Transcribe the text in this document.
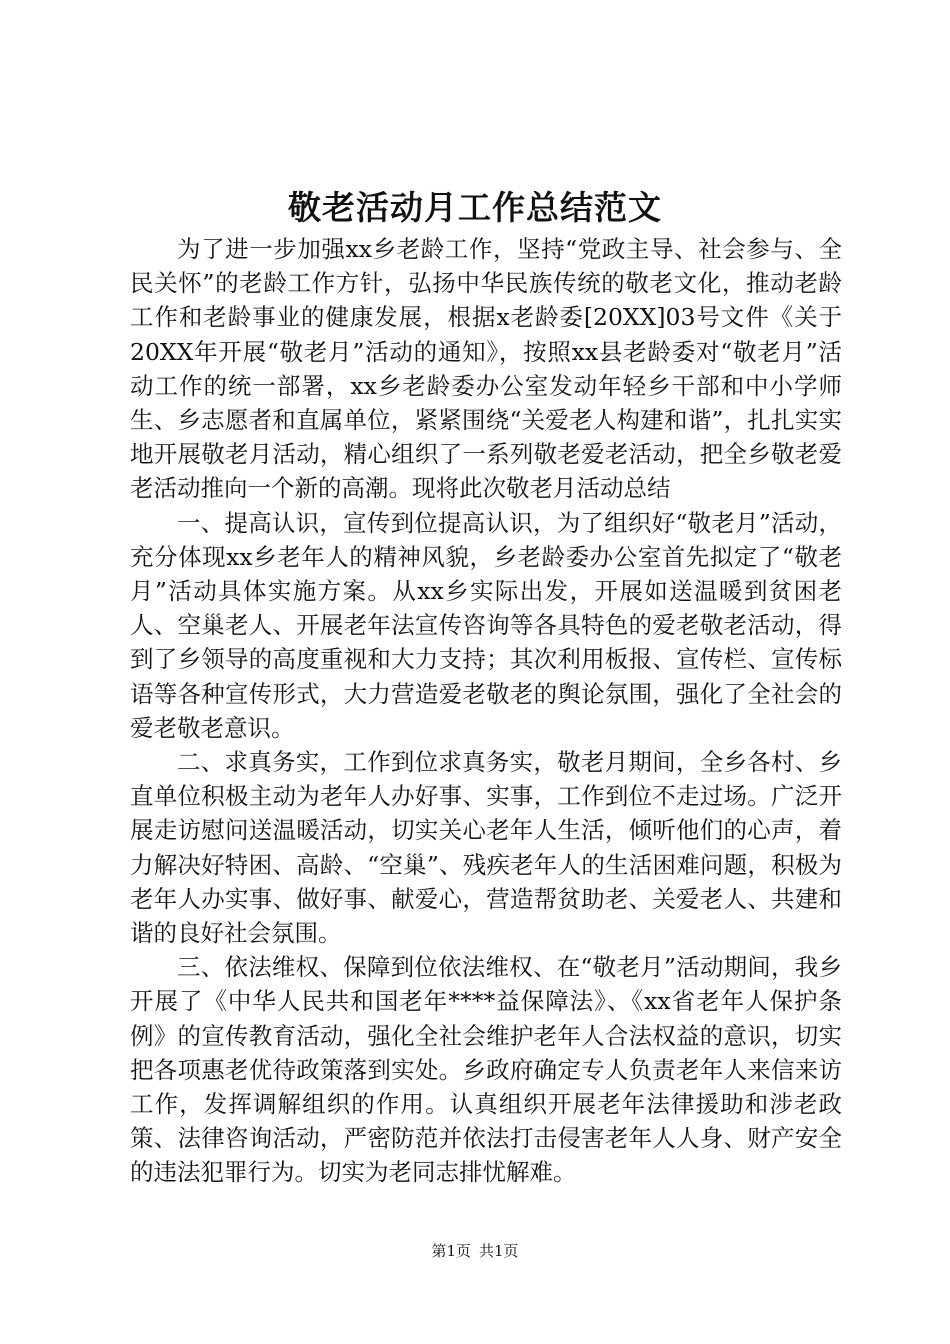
敬老活动月工作总结范文

为了进一步加强xx乡老龄工作，坚持“党政主导、社会参与、全民关怀”的老龄工作方针，弘扬中华民族传统的敬老文化，推动老龄工作和老龄事业的健康发展，根据x老龄委[20XX]03号文件《关于20XX年开展“敬老月”活动的通知》，按照xx县老龄委对“敬老月”活动工作的统一部署，xx乡老龄委办公室发动年轻乡干部和中小学师生、乡志愿者和直属单位，紧紧围绕“关爱老人构建和谐”，扎扎实实地开展敬老月活动，精心组织了一系列敬老爱老活动，把全乡敬老爱老活动推向一个新的高潮。现将此次敬老月活动总结

一、提高认识，宣传到位提高认识，为了组织好“敬老月”活动，充分体现xx乡老年人的精神风貌，乡老龄委办公室首先拟定了“敬老月”活动具体实施方案。从xx乡实际出发，开展如送温暖到贫困老人、空巢老人、开展老年法宣传咨询等各具特色的爱老敬老活动，得到了乡领导的高度重视和大力支持；其次利用板报、宣传栏、宣传标语等各种宣传形式，大力营造爱老敬老的舆论氛围，强化了全社会的爱老敬老意识。

二、求真务实，工作到位求真务实，敬老月期间，全乡各村、乡直单位积极主动为老年人办好事、实事，工作到位不走过场。广泛开展走访慰问送温暖活动，切实关心老年人生活，倾听他们的心声，着力解决好特困、高龄、“空巢”、残疾老年人的生活困难问题，积极为老年人办实事、做好事、献爱心，营造帮贫助老、关爱老人、共建和谐的良好社会氛围。

三、依法维权、保障到位依法维权、在“敬老月”活动期间，我乡开展了《中华人民共和国老年****益保障法》、《xx省老年人保护条例》的宣传教育活动，强化全社会维护老年人合法权益的意识，切实把各项惠老优待政策落到实处。乡政府确定专人负责老年人来信来访工作，发挥调解组织的作用。认真组织开展老年法律援助和涉老政策、法律咨询活动，严密防范并依法打击侵害老年人人身、财产安全的违法犯罪行为。切实为老同志排忧解难。

第1页 共1页
